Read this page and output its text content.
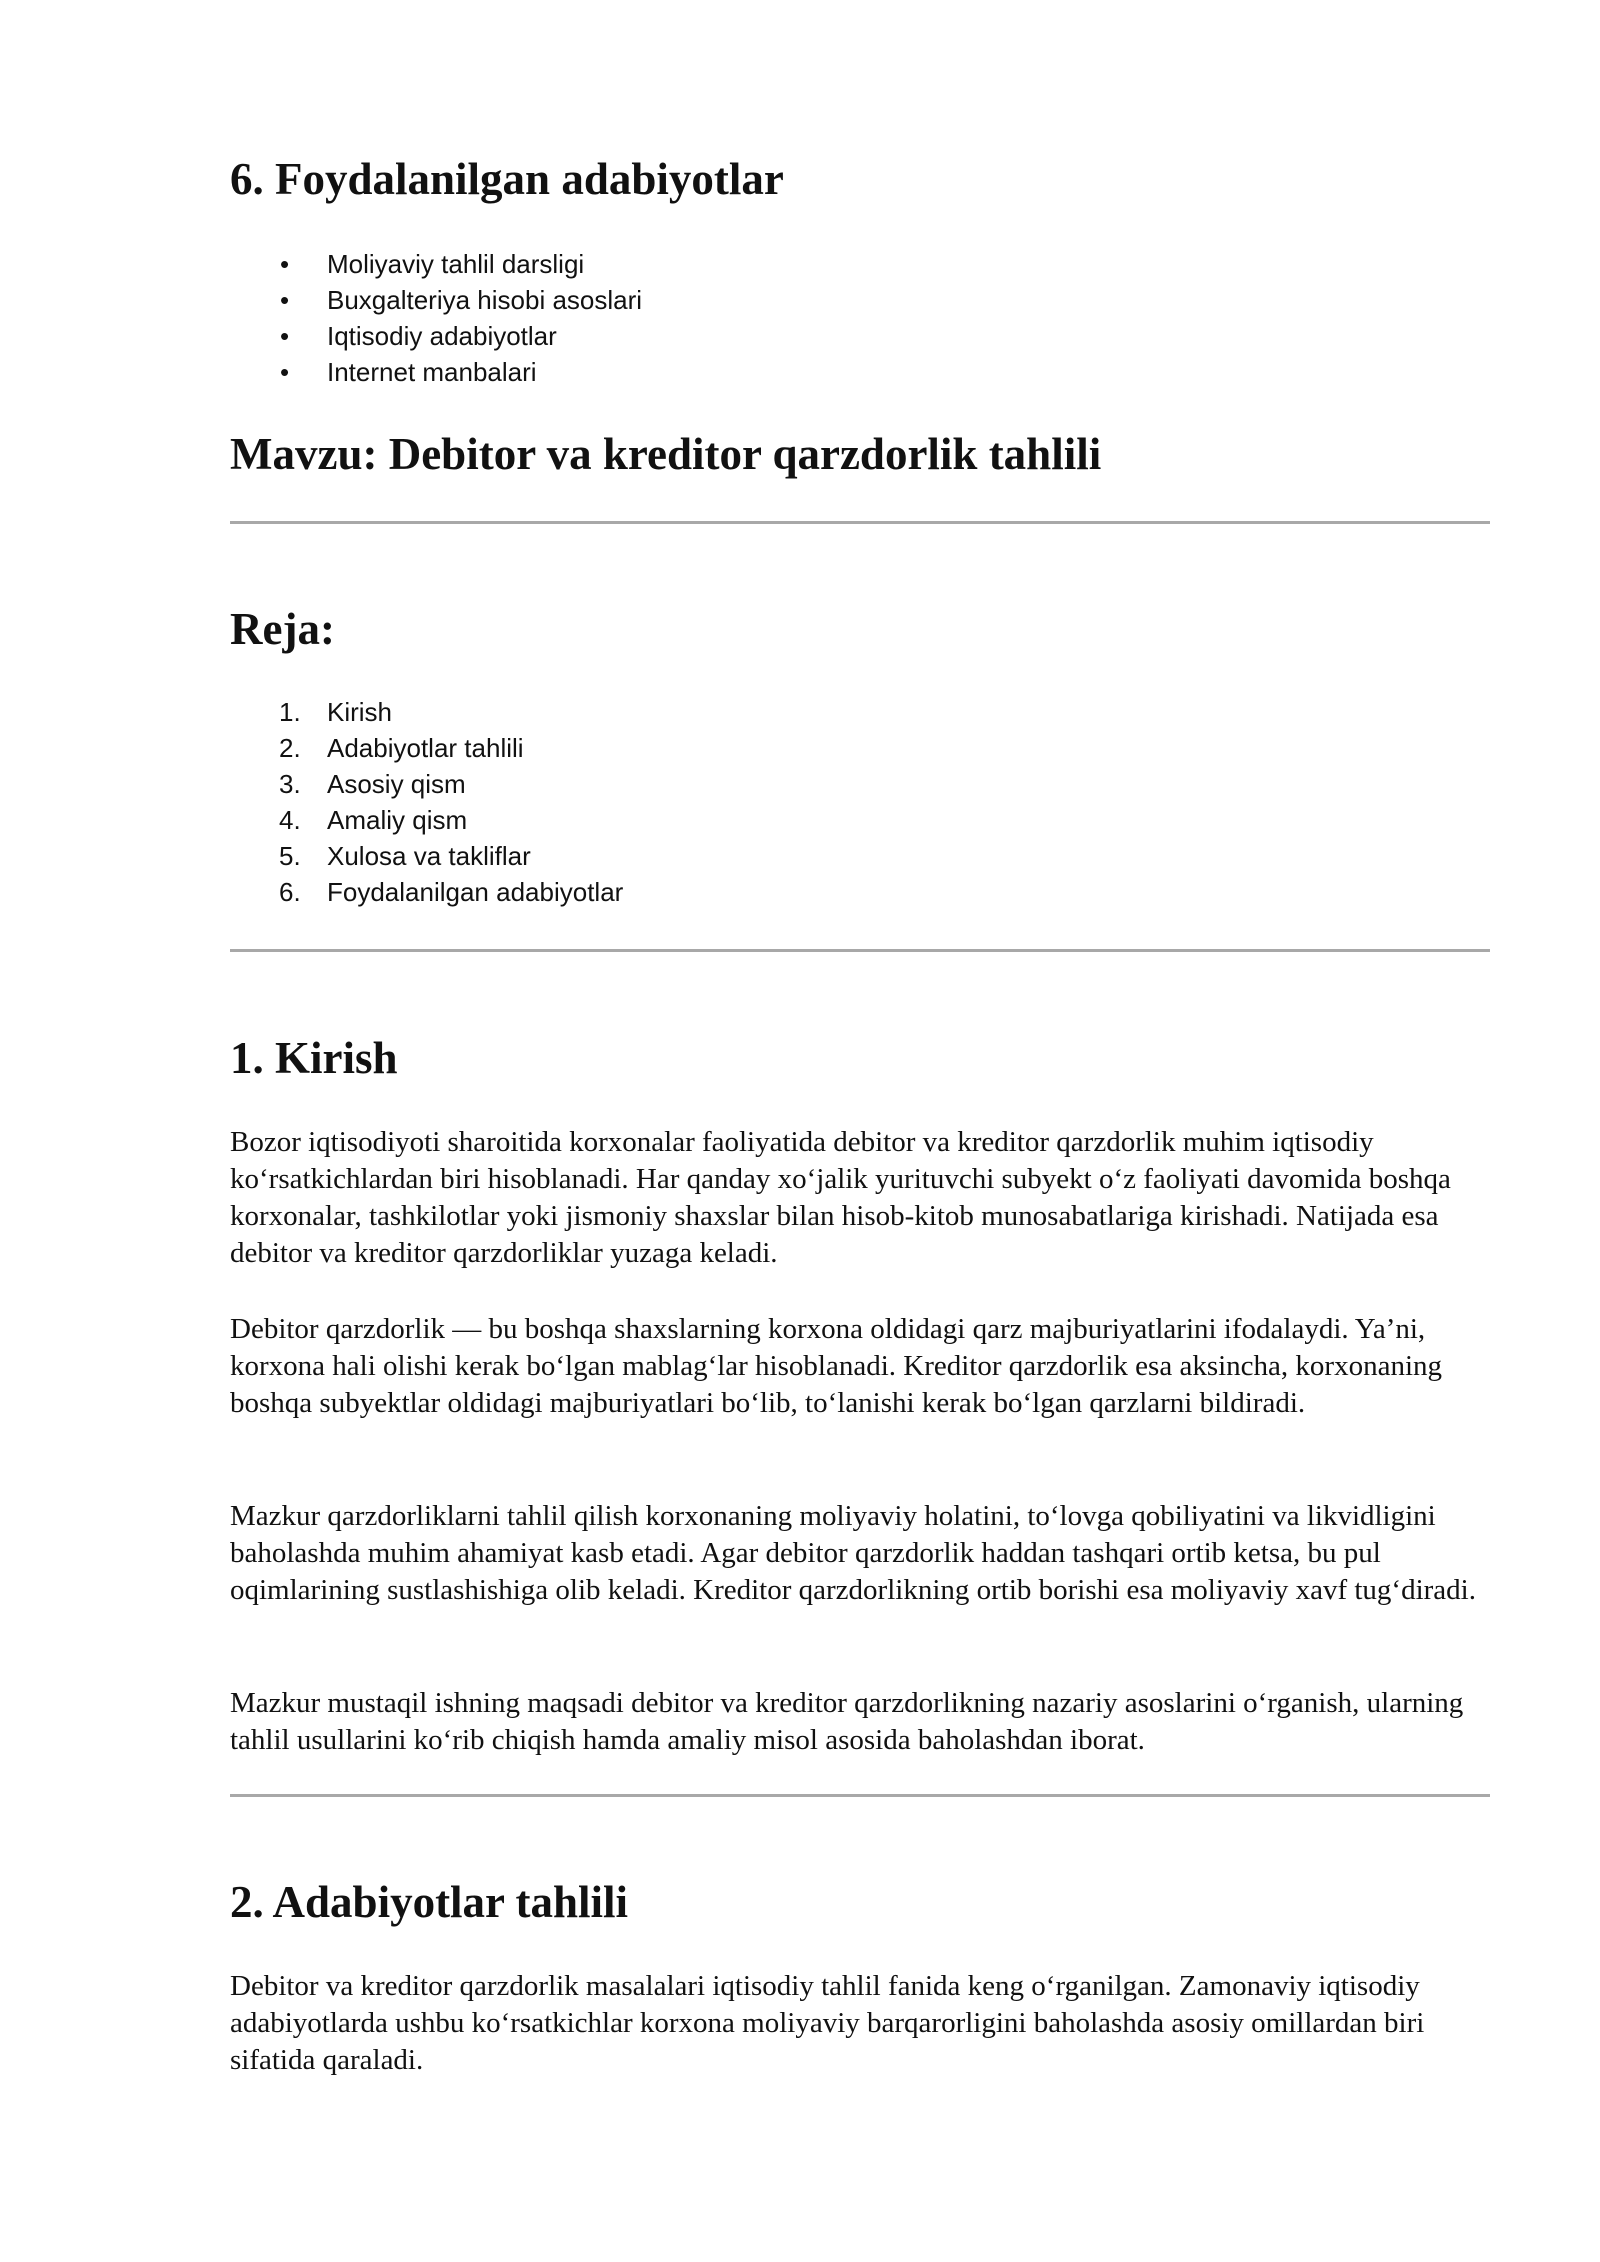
6. Foydalanilgan adabiyotlar
• Moliyaviy tahlil darsligi
• Buxgalteriya hisobi asoslari
• Iqtisodiy adabiyotlar
• Internet manbalari
Mavzu: Debitor va kreditor qarzdorlik tahlili
Reja:
1. Kirish
2. Adabiyotlar tahlili
3. Asosiy qism
4. Amaliy qism
5. Xulosa va takliflar
6. Foydalanilgan adabiyotlar
1. Kirish

Bozor iqtisodiyoti sharoitida korxonalar faoliyatida debitor va kreditor qarzdorlik muhim iqtisodiy ko‘rsatkichlardan biri hisoblanadi. Har qanday xo‘jalik yurituvchi subyekt o‘z faoliyati davomida boshqa korxonalar, tashkilotlar yoki jismoniy shaxslar bilan hisob-kitob munosabatlariga kirishadi. Natijada esa debitor va kreditor qarzdorliklar yuzaga keladi.

Debitor qarzdorlik — bu boshqa shaxslarning korxona oldidagi qarz majburiyatlarini ifodalaydi. Ya’ni, korxona hali olishi kerak bo‘lgan mablag‘lar hisoblanadi. Kreditor qarzdorlik esa aksincha, korxonaning boshqa subyektlar oldidagi majburiyatlari bo‘lib, to‘lanishi kerak bo‘lgan qarzlarni bildiradi.

Mazkur qarzdorliklarni tahlil qilish korxonaning moliyaviy holatini, to‘lovga qobiliyatini va likvidligini baholashda muhim ahamiyat kasb etadi. Agar debitor qarzdorlik haddan tashqari ortib ketsa, bu pul oqimlarining sustlashishiga olib keladi. Kreditor qarzdorlikning ortib borishi esa moliyaviy xavf tug‘diradi.

Mazkur mustaqil ishning maqsadi debitor va kreditor qarzdorlikning nazariy asoslarini o‘rganish, ularning tahlil usullarini ko‘rib chiqish hamda amaliy misol asosida baholashdan iborat.

2. Adabiyotlar tahlili

Debitor va kreditor qarzdorlik masalalari iqtisodiy tahlil fanida keng o‘rganilgan. Zamonaviy iqtisodiy adabiyotlarda ushbu ko‘rsatkichlar korxona moliyaviy barqarorligini baholashda asosiy omillardan biri sifatida qaraladi.
